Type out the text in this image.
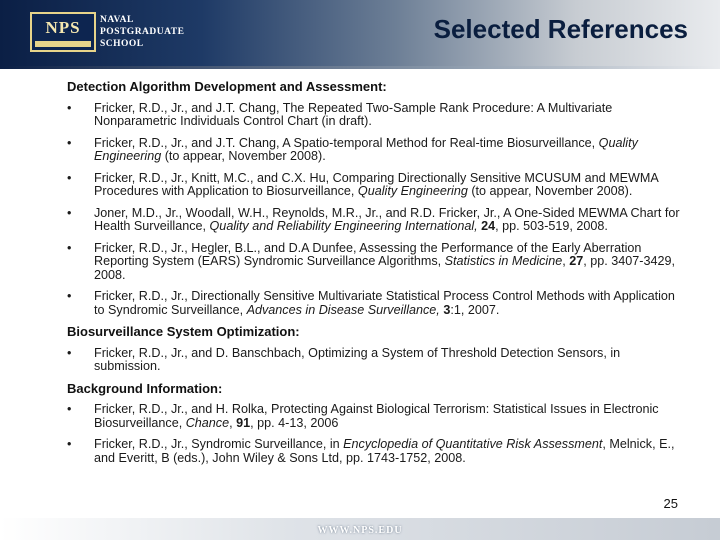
NPS	NAVAL
POSTGRADUATE
SCHOOL	Selected References
Detection Algorithm Development and Assessment:
•	Fricker, R.D., Jr., and J.T. Chang, The Repeated Two-Sample Rank Procedure: A Multivariate Nonparametric Individuals Control Chart (in draft).
•	Fricker, R.D., Jr., and J.T. Chang, A Spatio-temporal Method for Real-time Biosurveillance, Quality Engineering (to appear, November 2008).
•	Fricker, R.D., Jr., Knitt, M.C., and C.X. Hu, Comparing Directionally Sensitive MCUSUM and MEWMA Procedures with Application to Biosurveillance, Quality Engineering (to appear, November 2008).
•	Joner, M.D., Jr., Woodall, W.H., Reynolds, M.R., Jr., and R.D. Fricker, Jr., A One-Sided MEWMA Chart for Health Surveillance, Quality and Reliability Engineering International, 24, pp. 503-519, 2008.
•	Fricker, R.D., Jr., Hegler, B.L., and D.A Dunfee, Assessing the Performance of the Early Aberration Reporting System (EARS) Syndromic Surveillance Algorithms, Statistics in Medicine, 27, pp. 3407-3429, 2008.
•	Fricker, R.D., Jr., Directionally Sensitive Multivariate Statistical Process Control Methods with Application to Syndromic Surveillance, Advances in Disease Surveillance, 3:1, 2007.
Biosurveillance System Optimization:
•	Fricker, R.D., Jr., and D. Banschbach, Optimizing a System of Threshold Detection Sensors, in submission.
Background Information:
•	Fricker, R.D., Jr., and H. Rolka, Protecting Against Biological Terrorism: Statistical Issues in Electronic Biosurveillance, Chance, 91, pp. 4-13, 2006
•	Fricker, R.D., Jr., Syndromic Surveillance, in Encyclopedia of Quantitative Risk Assessment, Melnick, E., and Everitt, B (eds.), John Wiley & Sons Ltd, pp. 1743-1752, 2008.
25
WWW.NPS.EDU
